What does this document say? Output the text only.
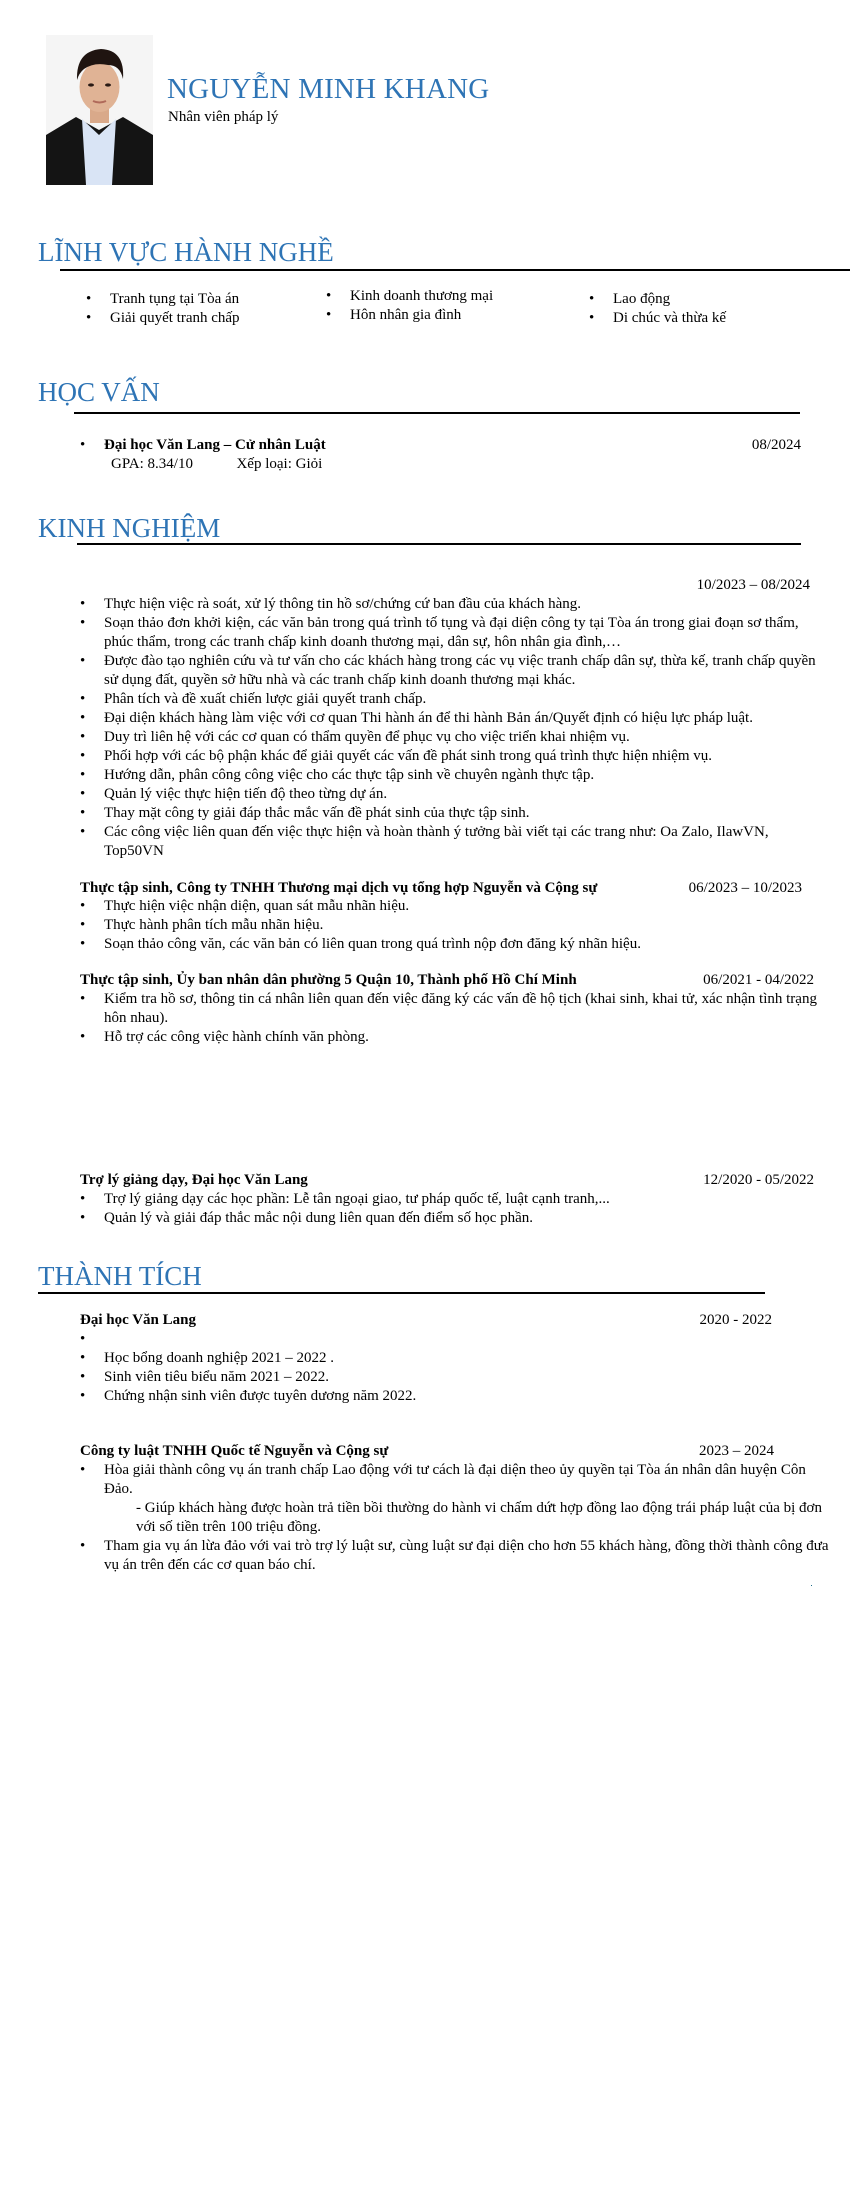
NGUYỄN MINH KHANG
Nhân viên pháp lý
LĨNH VỰC HÀNH NGHỀ
• Tranh tụng tại Tòa án
• Giải quyết tranh chấp
• Kinh doanh thương mại
• Hôn nhân gia đình
• Lao động
• Di chúc và thừa kế
HỌC VẤN
• Đại học Văn Lang – Cử nhân Luật	08/2024
GPA: 8.34/10	Xếp loại: Giỏi
KINH NGHIỆM
10/2023 – 08/2024
• Thực hiện việc rà soát, xử lý thông tin hồ sơ/chứng cứ ban đầu của khách hàng.
• Soạn thảo đơn khởi kiện, các văn bản trong quá trình tố tụng và đại diện công ty tại Tòa án trong giai đoạn sơ thẩm, phúc thẩm, trong các tranh chấp kinh doanh thương mại, dân sự, hôn nhân gia đình,…
• Được đào tạo nghiên cứu và tư vấn cho các khách hàng trong các vụ việc tranh chấp dân sự, thừa kế, tranh chấp quyền sử dụng đất, quyền sở hữu nhà và các tranh chấp kinh doanh thương mại khác.
• Phân tích và đề xuất chiến lược giải quyết tranh chấp.
• Đại diện khách hàng làm việc với cơ quan Thi hành án để thi hành Bản án/Quyết định có hiệu lực pháp luật.
• Duy trì liên hệ với các cơ quan có thẩm quyền để phục vụ cho việc triển khai nhiệm vụ.
• Phối hợp với các bộ phận khác để giải quyết các vấn đề phát sinh trong quá trình thực hiện nhiệm vụ.
• Hướng dẫn, phân công công việc cho các thực tập sinh về chuyên ngành thực tập.
• Quản lý việc thực hiện tiến độ theo từng dự án.
• Thay mặt công ty giải đáp thắc mắc vấn đề phát sinh của thực tập sinh.
• Các công việc liên quan đến việc thực hiện và hoàn thành ý tưởng bài viết tại các trang như: Oa Zalo, IlawVN, Top50VN
Thực tập sinh, Công ty TNHH Thương mại dịch vụ tổng hợp Nguyễn và Cộng sự	06/2023 – 10/2023
• Thực hiện việc nhận diện, quan sát mẫu nhãn hiệu.
• Thực hành phân tích mẫu nhãn hiệu.
• Soạn thảo công văn, các văn bản có liên quan trong quá trình nộp đơn đăng ký nhãn hiệu.
Thực tập sinh, Ủy ban nhân dân phường 5 Quận 10, Thành phố Hồ Chí Minh	06/2021 - 04/2022
• Kiểm tra hồ sơ, thông tin cá nhân liên quan đến việc đăng ký các vấn đề hộ tịch (khai sinh, khai tử, xác nhận tình trạng hôn nhau).
• Hỗ trợ các công việc hành chính văn phòng.
Trợ lý giảng dạy, Đại học Văn Lang	12/2020 - 05/2022
• Trợ lý giảng dạy các học phần: Lễ tân ngoại giao, tư pháp quốc tế, luật cạnh tranh,...
• Quản lý và giải đáp thắc mắc nội dung liên quan đến điểm số học phần.
THÀNH TÍCH
Đại học Văn Lang	2020 - 2022
•
• Học bổng doanh nghiệp 2021 – 2022 .
• Sinh viên tiêu biểu năm 2021 – 2022.
• Chứng nhận sinh viên được tuyên dương năm 2022.
Công ty luật TNHH Quốc tế Nguyễn và Cộng sự	2023 – 2024
• Hòa giải thành công vụ án tranh chấp Lao động với tư cách là đại diện theo ủy quyền tại Tòa án nhân dân huyện Côn Đảo.
- Giúp khách hàng được hoàn trả tiền bồi thường do hành vi chấm dứt hợp đồng lao động trái pháp luật của bị đơn với số tiền trên 100 triệu đồng.
• Tham gia vụ án lừa đảo với vai trò trợ lý luật sư, cùng luật sư đại diện cho hơn 55 khách hàng, đồng thời thành công đưa vụ án trên đến các cơ quan báo chí.
